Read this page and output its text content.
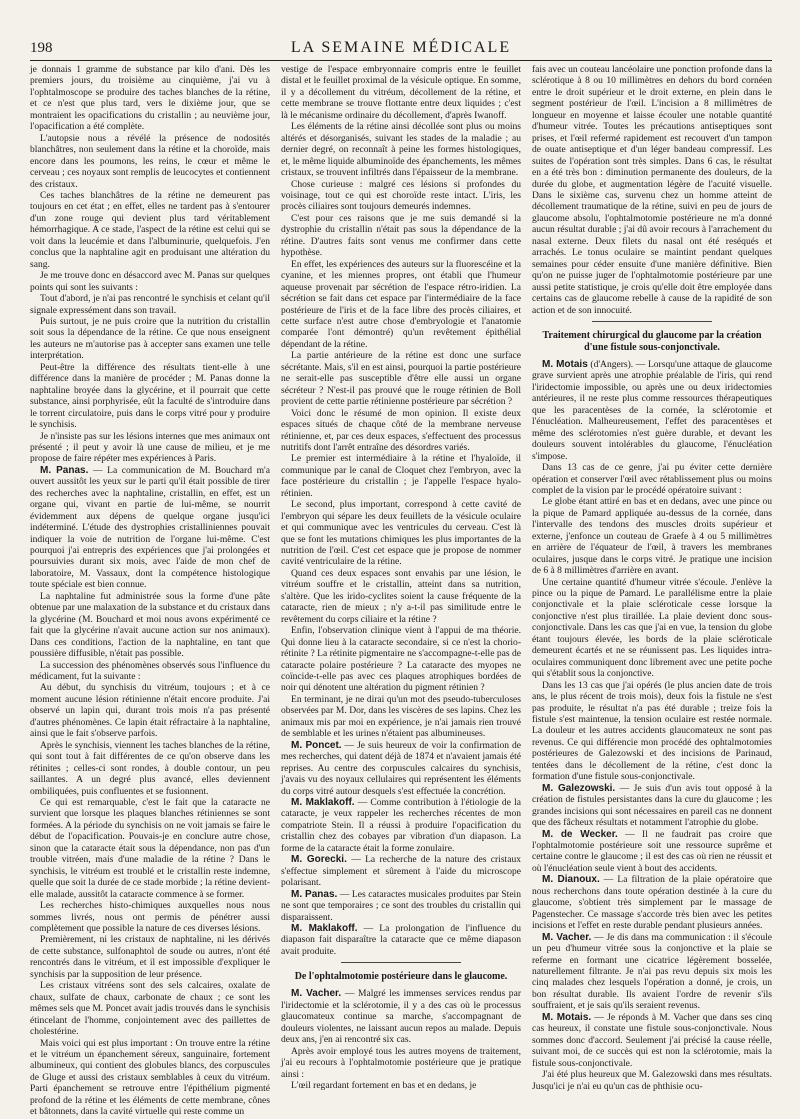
198	LA SEMAINE MÉDICALE

je donnais 1 gramme de substance par kilo d'ani. Dès les premiers jours, du troisième au cinquième, j'ai vu à l'ophtalmoscope se produire des taches blanches de la rétine, et ce n'est que plus tard, vers le dixième jour, que se montraient les opacifications du cristallin ; au neuvième jour, l'opacification a été complète.

L'autopsie nous a révélé la présence de nodosités blanchâtres, non seulement dans la rétine et la choroïde, mais encore dans les poumons, les reins, le cœur et même le cerveau ; ces noyaux sont remplis de leucocytes et contiennent des cristaux.

Ces taches blanchâtres de la rétine ne demeurent pas toujours en cet état ; en effet, elles ne tardent pas à s'entourer d'un zone rouge qui devient plus tard véritablement hémorrhagique. A ce stade, l'aspect de la rétine est celui qui se voit dans la leucémie et dans l'albuminurie, quelquefois. J'en conclus que la naphtaline agit en produisant une altération du sang.

Je me trouve donc en désaccord avec M. Panas sur quelques points qui sont les suivants :

Tout d'abord, je n'ai pas rencontré le synchisis et celant qu'il signale expressément dans son travail.

Puis surtout, je ne puis croire que la nutrition du cristallin soit sous la dépendance de la rétine. Ce que nous enseignent les auteurs ne m'autorise pas à accepter sans examen une telle interprétation.

Peut-être la différence des résultats tient-elle à une différence dans la manière de procéder ; M. Panas donne la naphtaline broyée dans la glycérine, et il pourrait que cette substance, ainsi porphyrisée, eût la faculté de s'introduire dans le torrent circulatoire, puis dans le corps vitré pour y produire le synchisis.

Je n'insiste pas sur les lésions internes que mes animaux ont présenté ; il peut y avoir là une cause de milieu, et je me propose de faire répéter mes expériences à Paris.

M. Panas. — La communication de M. Bouchard m'a ouvert aussitôt les yeux sur le parti qu'il était possible de tirer des recherches avec la naphtaline, cristallin, en effet, est un organe qui, vivant en partie de lui-même, se nourrit évidemment aux dépens de quelque organe jusqu'ici indéterminé. L'étude des dystrophies cristalliniennes pouvait indiquer la voie de nutrition de l'organe lui-même. C'est pourquoi j'ai entrepris des expériences que j'ai prolongées et poursuivies durant six mois, avec l'aide de mon chef de laboratoire, M. Vassaux, dont la compétence histologique toute spéciale est bien connue.

La naphtaline fut administrée sous la forme d'une pâte obtenue par une malaxation de la substance et du cristaux dans la glycérine (M. Bouchard et moi nous avons expérimenté ce fait que la glycérine n'avait aucune action sur nos animaux). Dans ces conditions, l'action de la naphtaline, en tant que poussière diffusible, n'était pas possible.

La succession des phénomènes observés sous l'influence du médicament, fut la suivante :

Au début, du synchisis du vitréum, toujours ; et à ce moment aucune lésion rétinienne n'était encore produite. J'ai observé un lapin qui, durant trois mois n'a pas présenté d'autres phénomènes. Ce lapin était réfractaire à la naphtaline, ainsi que le fait s'observe parfois.

Après le synchisis, viennent les taches blanches de la rétine, qui sont tout à fait différentes de ce qu'on observe dans les rétinites ; celles-ci sont rondes, à double contour, un peu saillantes. A un degré plus avancé, elles deviennent ombiliquées, puis confluentes et se fusionnent.

Ce qui est remarquable, c'est le fait que la cataracte ne survient que lorsque les plaques blanches rétiniennes se sont formées. A la période du synchisis on ne voit jamais se faire le début de l'opacification. Pouvais-je en conclure autre chose, sinon que la cataracte était sous la dépendance, non pas d'un trouble vitréen, mais d'une maladie de la rétine ? Dans le synchisis, le vitréum est troublé et le cristallin reste indemne, quelle que soit la durée de ce stade morbide ; la rétine devient-elle malade, aussitôt la cataracte commence à se former.

Les recherches histo-chimiques auxquelles nous nous sommes livrés, nous ont permis de pénétrer aussi complètement que possible la nature de ces diverses lésions.

Premièrement, ni les cristaux de naphtaline, ni les dérivés de cette substance, sulfonaphtol de soude ou autres, n'ont été rencontrés dans le vitréum, et il est impossible d'expliquer le synchisis par la supposition de leur présence.

Les cristaux vitréens sont des sels calcaires, oxalate de chaux, sulfate de chaux, carbonate de chaux ; ce sont les mêmes sels que M. Poncet avait jadis trouvés dans le synchisis étincelant de l'homme, conjointement avec des paillettes de cholestérine.

Mais voici qui est plus important : On trouve entre la rétine et le vitréum un épanchement séreux, sanguinaire, fortement albumineux, qui contient des globules blancs, des corpuscules de Gluge et aussi des cristaux semblables à ceux du vitréum. Parti épanchement se retrouve entre l'épithélium pigmenté profond de la rétine et les éléments de cette membrane, cônes et bâtonnets, dans la cavité virtuelle qui reste comme un

vestige de l'espace embryonnaire compris entre le feuillet distal et le feuillet proximal de la vésicule optique. En somme, il y a décollement du vitréum, décollement de la rétine, et cette membrane se trouve flottante entre deux liquides ; c'est là le mécanisme ordinaire du décollement, d'après Iwanoff.

Les éléments de la rétine ainsi décollée sont plus ou moins altérés et désorganisés, suivant les stades de la maladie ; au dernier degré, on reconnaît à peine les formes histologiques, et, le même liquide albuminoïde des épanchements, les mêmes cristaux, se trouvent infiltrés dans l'épaisseur de la membrane.

Chose curieuse : malgré ces lésions si profondes du voisinage, tout ce qui est choroïde reste intact. L'iris, les procès ciliaires sont toujours demeurés indemnes.

C'est pour ces raisons que je me suis demandé si la dystrophie du cristallin n'était pas sous la dépendance de la rétine. D'autres faits sont venus me confirmer dans cette hypothèse.

En effet, les expériences des auteurs sur la fluorescéine et la cyanine, et les miennes propres, ont établi que l'humeur aqueuse provenait par sécrétion de l'espace rétro-iridien. La sécrétion se fait dans cet espace par l'intermédiaire de la face postérieure de l'iris et de la face libre des procès ciliaires, et cette surface n'est autre chose d'embryologie et l'anatomie comparée l'ont démontré) qu'un revêtement épithélial dépendant de la rétine.

La partie antérieure de la rétine est donc une surface sécrétante. Mais, s'il en est ainsi, pourquoi la partie postérieure ne serait-elle pas susceptible d'être elle aussi un organe sécréteur ? N'est-il pas prouvé que le rouge rétinien de Boll provient de cette partie rétinienne postérieure par sécrétion ?

Voici donc le résumé de mon opinion. Il existe deux espaces situés de chaque côté de la membrane nerveuse rétinienne, et, par ces deux espaces, s'effectuent des processus nutritifs dont l'arrêt entraîne des désordres variés.

Le premier est intermédiaire à la rétine et l'hyaloïde, il communique par le canal de Cloquet chez l'embryon, avec la face postérieure du cristallin ; je l'appelle l'espace hyalo-rétinien.

Le second, plus important, correspond à cette cavité de l'embryon qui sépare les deux feuillets de la vésicule oculaire et qui communique avec les ventricules du cerveau. C'est là que se font les mutations chimiques les plus importantes de la nutrition de l'œil. C'est cet espace que je propose de nommer cavité ventriculaire de la rétine.

Quand ces deux espaces sont envahis par une lésion, le vitréum souffre et le cristallin, atteint dans sa nutrition, s'altère. Que les irido-cyclites soient la cause fréquente de la cataracte, rien de mieux ; n'y a-t-il pas similitude entre le revêtement du corps ciliaire et la rétine ?

Enfin, l'observation clinique vient à l'appui de ma théorie. Qui donne lieu à la cataracte secondaire, si ce n'est la chorio-rétinite ? La rétinite pigmentaire ne s'accompagne-t-elle pas de cataracte polaire postérieure ? La cataracte des myopes ne coïncide-t-elle pas avec ces plaques atrophiques bordées de noir qui dénotent une altération du pigment rétinien ?

En terminant, je ne dirai qu'un mot des pseudo-tuberculoses observées par M. Dor, dans les viscères de ses lapins. Chez les animaux mis par moi en expérience, je n'ai jamais rien trouvé de semblable et les urines n'étaient pas albumineuses.

M. Poncet. — Je suis heureux de voir la confirmation de mes recherches, qui datent déjà de 1874 et n'avaient jamais été reprises. Au centre des corpuscules calcaires du synchisis, j'avais vu des noyaux cellulaires qui représentent les éléments du corps vitré autour desquels s'est effectuée la concrétion.

M. Maklakoff. — Comme contribution à l'étiologie de la cataracte, je veux rappeler les recherches récentes de mon compatriote Stein. Il a réussi à produire l'opacification du cristallin chez des cobayes par vibration d'un diapason. La forme de la cataracte était la forme zonulaire.

M. Gorecki. — La recherche de la nature des cristaux s'effectue simplement et sûrement à l'aide du microscope polarisant.

M. Panas. — Les cataractes musicales produites par Stein ne sont que temporaires ; ce sont des troubles du cristallin qui disparaissent.

M. Maklakoff. — La prolongation de l'influence du diapason fait disparaître la cataracte que ce même diapason avait produite.

De l'ophtalmotomie postérieure dans le glaucome.

M. Vacher. — Malgré les immenses services rendus par l'iridectomie et la sclérotomie, il y a des cas où le processus glaucomateux continue sa marche, s'accompagnant de douleurs violentes, ne laissant aucun repos au malade. Depuis deux ans, j'en ai rencontré six cas.

Après avoir employé tous les autres moyens de traitement, j'ai eu recours à l'ophtalmotomie postérieure que je pratique ainsi :

L'œil regardant fortement en bas et en dedans, je

fais avec un couteau lancéolaire une ponction profonde dans la sclérotique à 8 ou 10 millimètres en dehors du bord cornéen entre le droit supérieur et le droit externe, en plein dans le segment postérieur de l'œil. L'incision a 8 millimètres de longueur en moyenne et laisse écouler une notable quantité d'humeur vitrée. Toutes les précautions antiseptiques sont prises, et l'œil refermé rapidement est recouvert d'un tampon de ouate antiseptique et d'un léger bandeau compressif. Les suites de l'opération sont très simples. Dans 6 cas, le résultat en a été très bon : diminution permanente des douleurs, de la durée du globe, et augmentation légère de l'acuité visuelle. Dans le sixième cas, survenu chez un homme atteint de décollement traumatique de la rétine, suivi en peu de jours de glaucome absolu, l'ophtalmotomie postérieure ne m'a donné aucun résultat durable ; j'ai dû avoir recours à l'arrachement du nasal externe. Deux filets du nasal ont été reséqués et arrachés. Le tonus oculaire se maintint pendant quelques semaines pour céder ensuite d'une manière définitive. Bien qu'on ne puisse juger de l'ophtalmotomie postérieure par une aussi petite statistique, je crois qu'elle doit être employée dans certains cas de glaucome rebelle à cause de la rapidité de son action et de son innocuité.

Traitement chirurgical du glaucome par la création d'une fistule sous-conjonctivale.

M. Motais (d'Angers). — Lorsqu'une attaque de glaucome grave survient après une atrophie préalable de l'iris, qui rend l'iridectomie impossible, ou après une ou deux iridectomies antérieures, il ne reste plus comme ressources thérapeutiques que les paracentèses de la cornée, la sclérotomie et l'énucléation. Malheureusement, l'effet des paracentèses et même des sclérotomies n'est guère durable, et devant les douleurs souvent intolérables du glaucome, l'énucléation s'impose.

Dans 13 cas de ce genre, j'ai pu éviter cette dernière opération et conserver l'œil avec rétablissement plus ou moins complet de la vision par le procédé opératoire suivant :

Le globe étant attiré en bas et en dedans, avec une pince ou la pique de Pamard appliquée au-dessus de la cornée, dans l'intervalle des tendons des muscles droits supérieur et externe, j'enfonce un couteau de Graefe à 4 ou 5 millimètres en arrière de l'équateur de l'œil, à travers les membranes oculaires, jusque dans le corps vitré. Je pratique une incision de 6 à 8 millimètres d'arrière en avant.

Une certaine quantité d'humeur vitrée s'écoule. J'enlève la pince ou la pique de Pamard. Le parallélisme entre la plaie conjonctivale et la plaie scléroticale cesse lorsque la conjonctive n'est plus tiraillée. La plaie devient donc sous-conjonctivale. Dans les cas que j'ai en vue, la tension du globe étant toujours élevée, les bords de la plaie scléroticale demeurent écartés et ne se réunissent pas. Les liquides intra-oculaires communiquent donc librement avec une petite poche qui s'établit sous la conjonctive.

Dans les 13 cas que j'ai opérés (le plus ancien date de trois ans, le plus récent de trois mois), deux fois la fistule ne s'est pas produite, le résultat n'a pas été durable ; treize fois la fistule s'est maintenue, la tension oculaire est restée normale. La douleur et les autres accidents glaucomateux ne sont pas revenus. Ce qui différencie mon procédé des ophtalmotomies postérieures de Galezowski et des incisions de Parinaud, tentées dans le décollement de la rétine, c'est donc la formation d'une fistule sous-conjonctivale.

M. Galezowski. — Je suis d'un avis tout opposé à la création de fistules persistantes dans la cure du glaucome ; les grandes incisions qui sont nécessaires en pareil cas ne donnent que des fâcheux résultats et notamment l'atrophie du globe.

M. de Wecker. — Il ne faudrait pas croire que l'ophtalmotomie postérieure soit une ressource suprême et certaine contre le glaucome ; il est des cas où rien ne réussit et où l'énucléation seule vient à bout des accidents.

M. Dianoux. — La filtration de la plaie opératoire que nous recherchons dans toute opération destinée à la cure du glaucome, s'obtient très simplement par le massage de Pagenstecher. Ce massage s'accorde très bien avec les petites incisions et l'effet en reste durable pendant plusieurs années.

M. Vacher. — Je dis dans ma communication : il s'écoule un peu d'humeur vitrée sous la conjonctive et la plaie se referme en formant une cicatrice légèrement bosselée, naturellement filtrante. Je n'ai pas revu depuis six mois les cinq malades chez lesquels l'opération a donné, je crois, un bon résultat durable. Ils avaient l'ordre de revenir s'ils souffraient, et je sais qu'ils seraient revenus.

M. Motais. — Je réponds à M. Vacher que dans ses cinq cas heureux, il constate une fistule sous-conjonctivale. Nous sommes donc d'accord. Seulement j'ai précisé la cause réelle, suivant moi, de ce succès qui est non la sclérotomie, mais la fistule sous-conjonctivale.

J'ai été plus heureux que M. Galezowski dans mes résultats. Jusqu'ici je n'ai eu qu'un cas de phthisie ocu-
